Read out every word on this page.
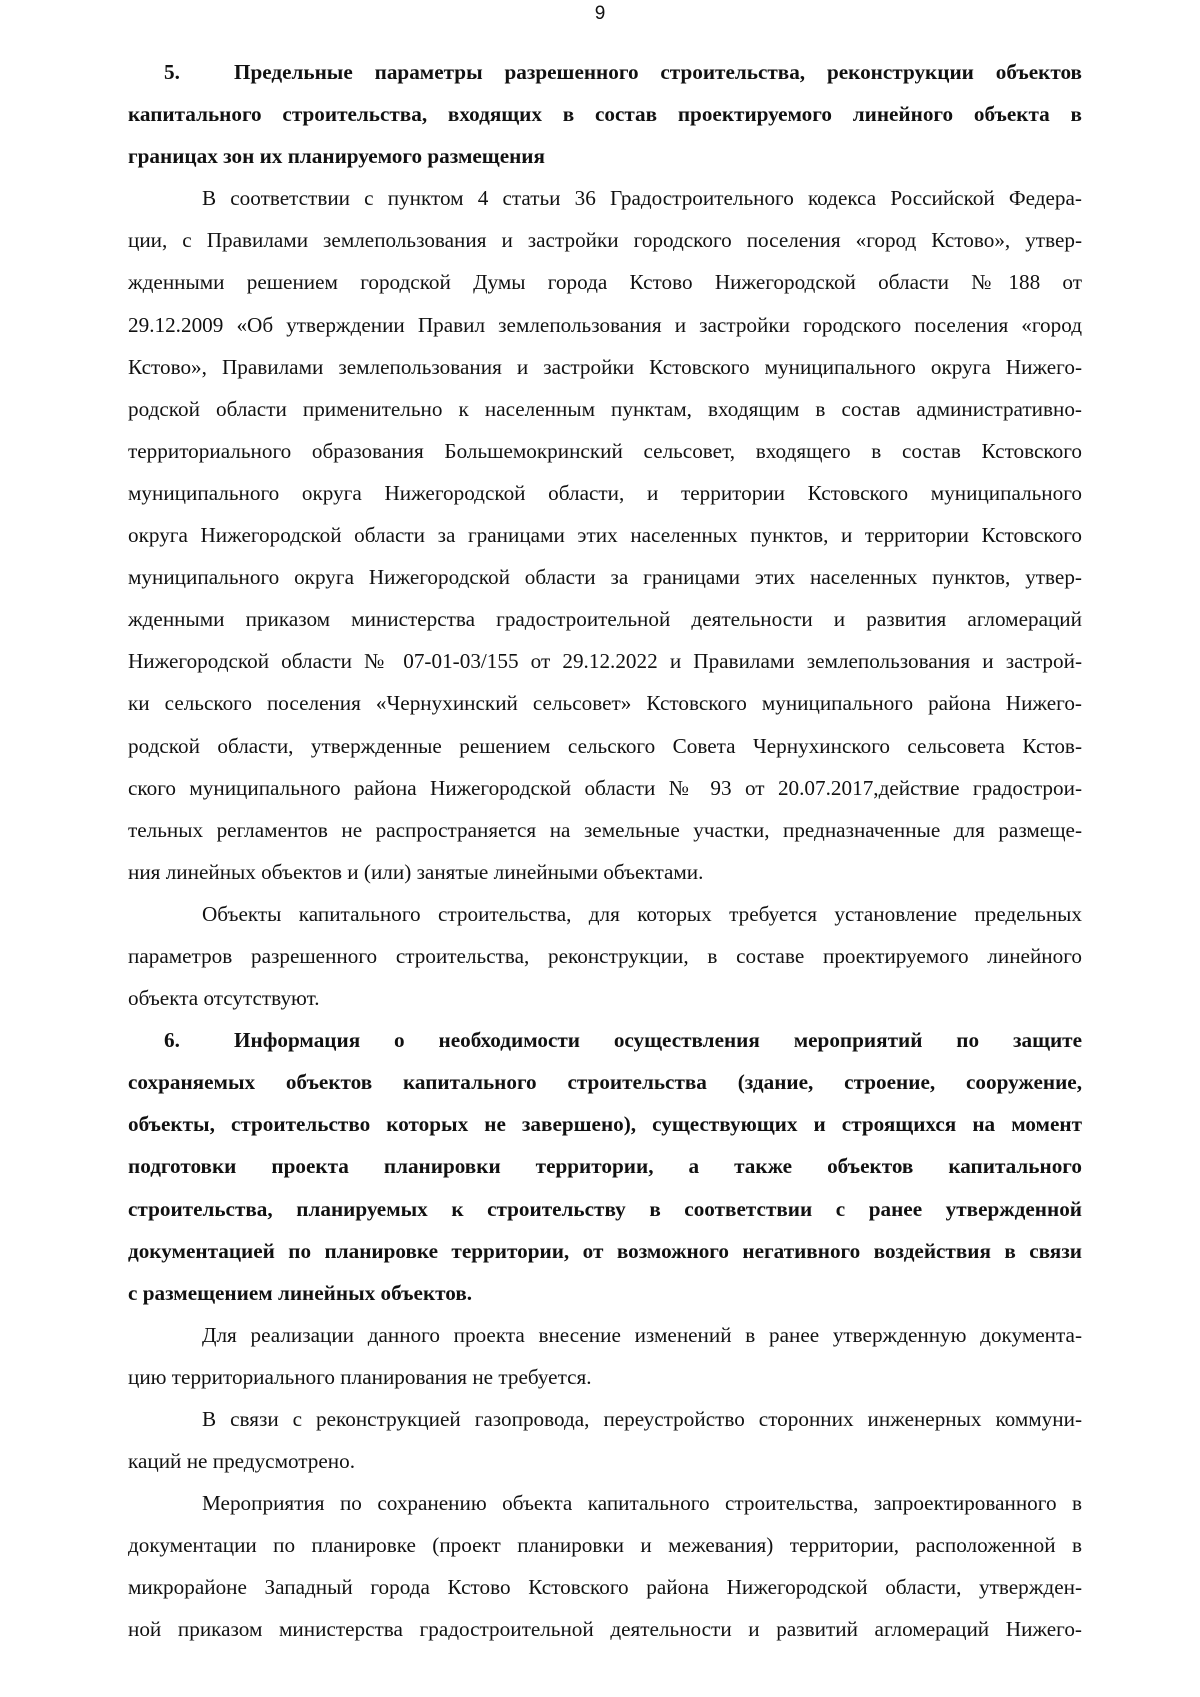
9
5.	Предельные параметры разрешенного строительства, реконструкции объектов
капитального строительства, входящих в состав проектируемого линейного объекта в
границах зон их планируемого размещения
В соответствии с пунктом 4 статьи 36 Градостроительного кодекса Российской Федера-
ции, с Правилами землепользования и застройки городского поселения «город Кстово», утвер-
жденными решением городской Думы города Кстово Нижегородской области №188 от
29.12.2009 «Об утверждении Правил землепользования и застройки городского поселения «город
Кстово», Правилами землепользования и застройки Кстовского муниципального округа Нижего-
родской области применительно к населенным пунктам, входящим в состав административно-
территориального образования Большемокринский сельсовет, входящего в состав Кстовского
муниципального округа Нижегородской области, и территории Кстовского муниципального
округа Нижегородской области за границами этих населенных пунктов, и территории Кстовского
муниципального округа Нижегородской области за границами этих населенных пунктов, утвер-
жденными приказом министерства градостроительной деятельности и развития агломераций
Нижегородской области № 07-01-03/155 от 29.12.2022 и Правилами землепользования и застрой-
ки сельского поселения «Чернухинский сельсовет» Кстовского муниципального района Нижего-
родской области, утвержденные решением сельского Совета Чернухинского сельсовета Кстов-
ского муниципального района Нижегородской области № 93 от 20.07.2017,действие градострои-
тельных регламентов не распространяется на земельные участки, предназначенные для размеще-
ния линейных объектов и (или) занятые линейными объектами.
Объекты капитального строительства, для которых требуется установление предельных
параметров разрешенного строительства, реконструкции, в составе проектируемого линейного
объекта отсутствуют.
6.	Информация о необходимости осуществления мероприятий по защите
сохраняемых объектов капитального строительства (здание, строение, сооружение,
объекты, строительство которых не завершено), существующих и строящихся на момент
подготовки проекта планировки территории, а также объектов капитального
строительства, планируемых к строительству в соответствии с ранее утвержденной
документацией по планировке территории, от возможного негативного воздействия в связи
с размещением линейных объектов.
Для реализации данного проекта внесение изменений в ранее утвержденную документа-
цию территориального планирования не требуется.
В связи с реконструкцией газопровода, переустройство сторонних инженерных коммуни-
каций не предусмотрено.
Мероприятия по сохранению объекта капитального строительства, запроектированного в
документации по планировке (проект планировки и межевания) территории, расположенной в
микрорайоне Западный города Кстово Кстовского района Нижегородской области, утвержден-
ной приказом министерства градостроительной деятельности и развитий агломераций Нижего-
